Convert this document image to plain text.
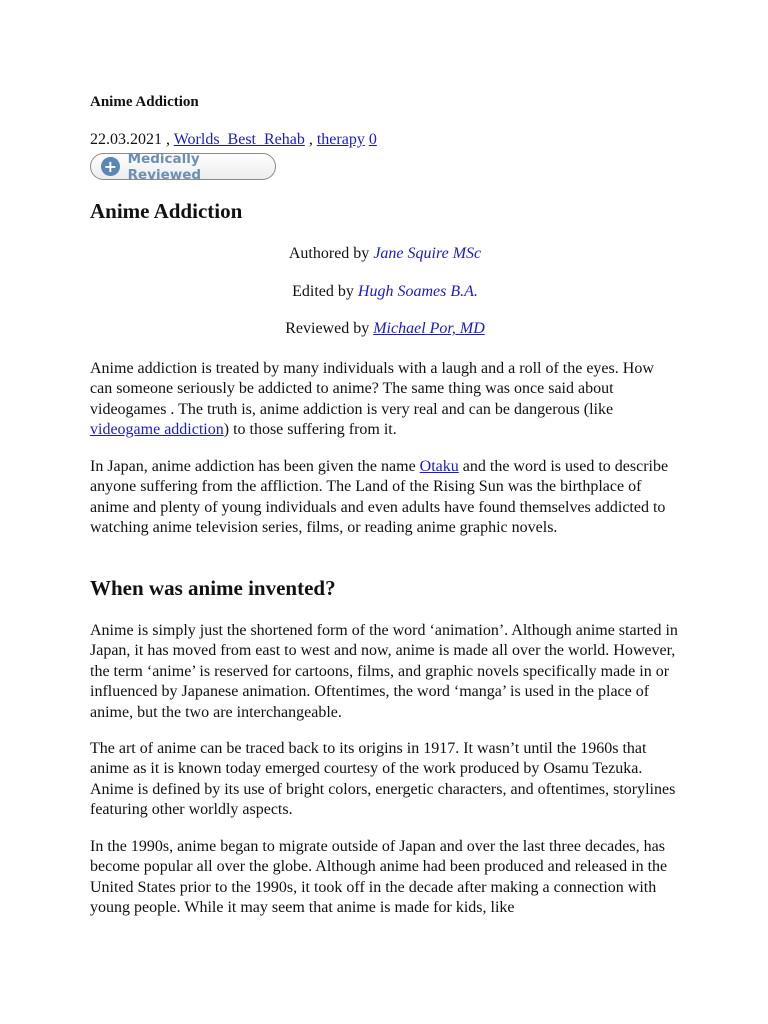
Anime Addiction
22.03.2021 , Worlds_Best_Rehab , therapy 0
+ Medically Reviewed
Anime Addiction
Authored by Jane Squire MSc
Edited by Hugh Soames B.A.
Reviewed by Michael Por, MD

Anime addiction is treated by many individuals with a laugh and a roll of the eyes. How can someone seriously be addicted to anime? The same thing was once said about videogames . The truth is, anime addiction is very real and can be dangerous (like videogame addiction) to those suffering from it.

In Japan, anime addiction has been given the name Otaku and the word is used to describe anyone suffering from the affliction. The Land of the Rising Sun was the birthplace of anime and plenty of young individuals and even adults have found themselves addicted to watching anime television series, films, or reading anime graphic novels.

When was anime invented?

Anime is simply just the shortened form of the word ‘animation’. Although anime started in Japan, it has moved from east to west and now, anime is made all over the world. However, the term ‘anime’ is reserved for cartoons, films, and graphic novels specifically made in or influenced by Japanese animation. Oftentimes, the word ‘manga’ is used in the place of anime, but the two are interchangeable.

The art of anime can be traced back to its origins in 1917. It wasn’t until the 1960s that anime as it is known today emerged courtesy of the work produced by Osamu Tezuka. Anime is defined by its use of bright colors, energetic characters, and oftentimes, storylines featuring other worldly aspects.

In the 1990s, anime began to migrate outside of Japan and over the last three decades, has become popular all over the globe. Although anime had been produced and released in the United States prior to the 1990s, it took off in the decade after making a connection with young people. While it may seem that anime is made for kids, like
